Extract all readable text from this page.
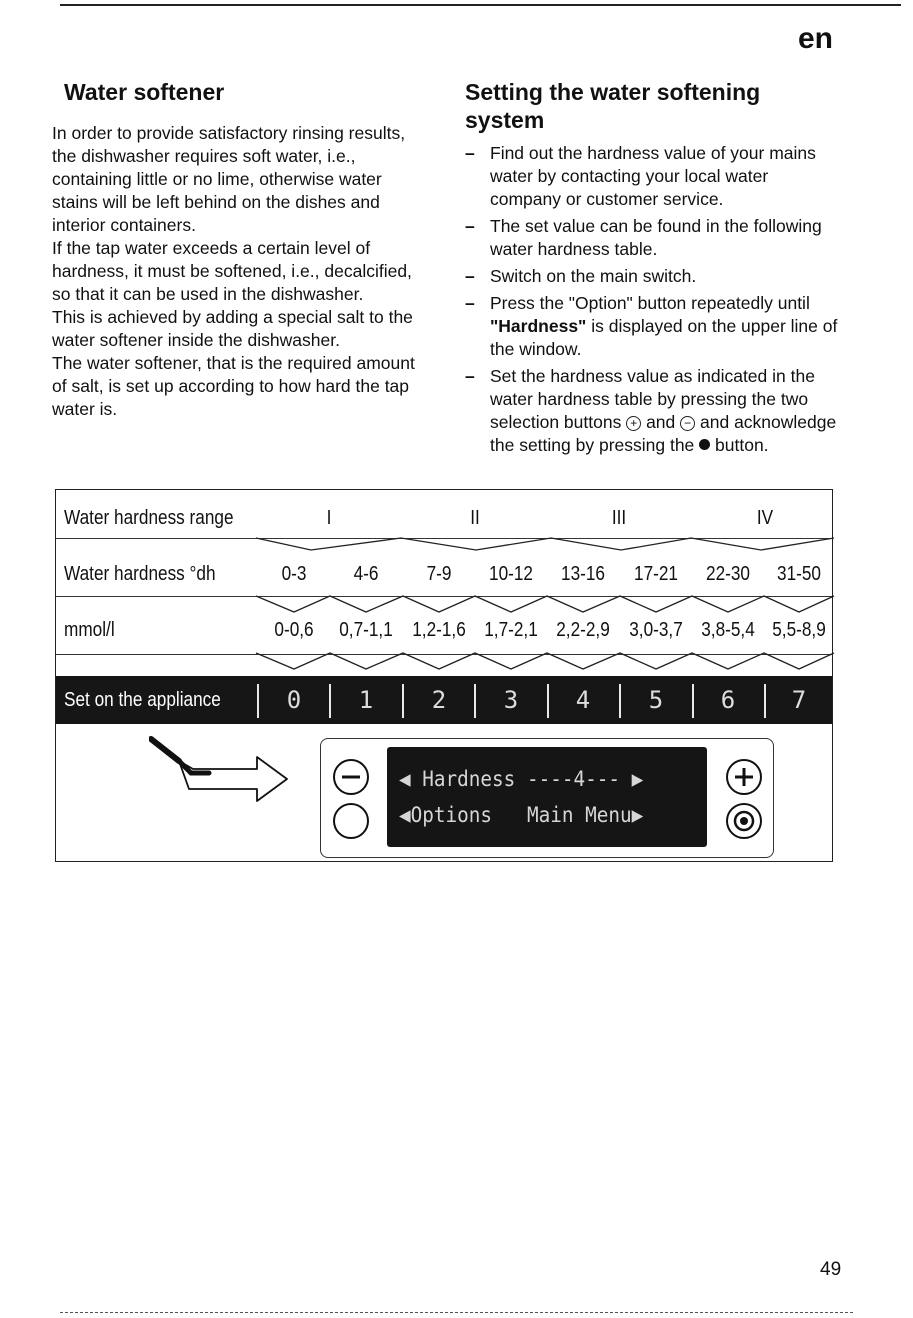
en
Water softener

In order to provide satisfactory rinsing results, the dishwasher requires soft water, i.e., containing little or no lime, otherwise water stains will be left behind on the dishes and interior containers.

If the tap water exceeds a certain level of hardness, it must be softened, i.e., decalcified, so that it can be used in the dishwasher.

This is achieved by adding a special salt to the water softener inside the dishwasher.

The water softener, that is the required amount of salt, is set up according to how hard the tap water is.

Setting the water softening system
– Find out the hardness value of your mains water by contacting your local water company or customer service.
– The set value can be found in the following water hardness table.
– Switch on the main switch.
– Press the "Option" button repeatedly until "Hardness" is displayed on the upper line of the window.
– Set the hardness value as indicated in the water hardness table by pressing the two selection buttons + and − and acknowledge the setting by pressing the  button.
Water hardness range	I	II	III	IV
Water hardness °dh	0-3 4-6 7-9 10-12 13-16 17-21 22-30 31-50
mmol/l	0-0,6 0,7-1,1 1,2-1,6 1,7-2,1 2,2-2,9 3,0-3,7 3,8-5,4 5,5-8,9
Set on the appliance	0 1 2 3 4 5 6 7
◀ Hardness ----4--- ▶
◀Options   Main Menu▶
49
